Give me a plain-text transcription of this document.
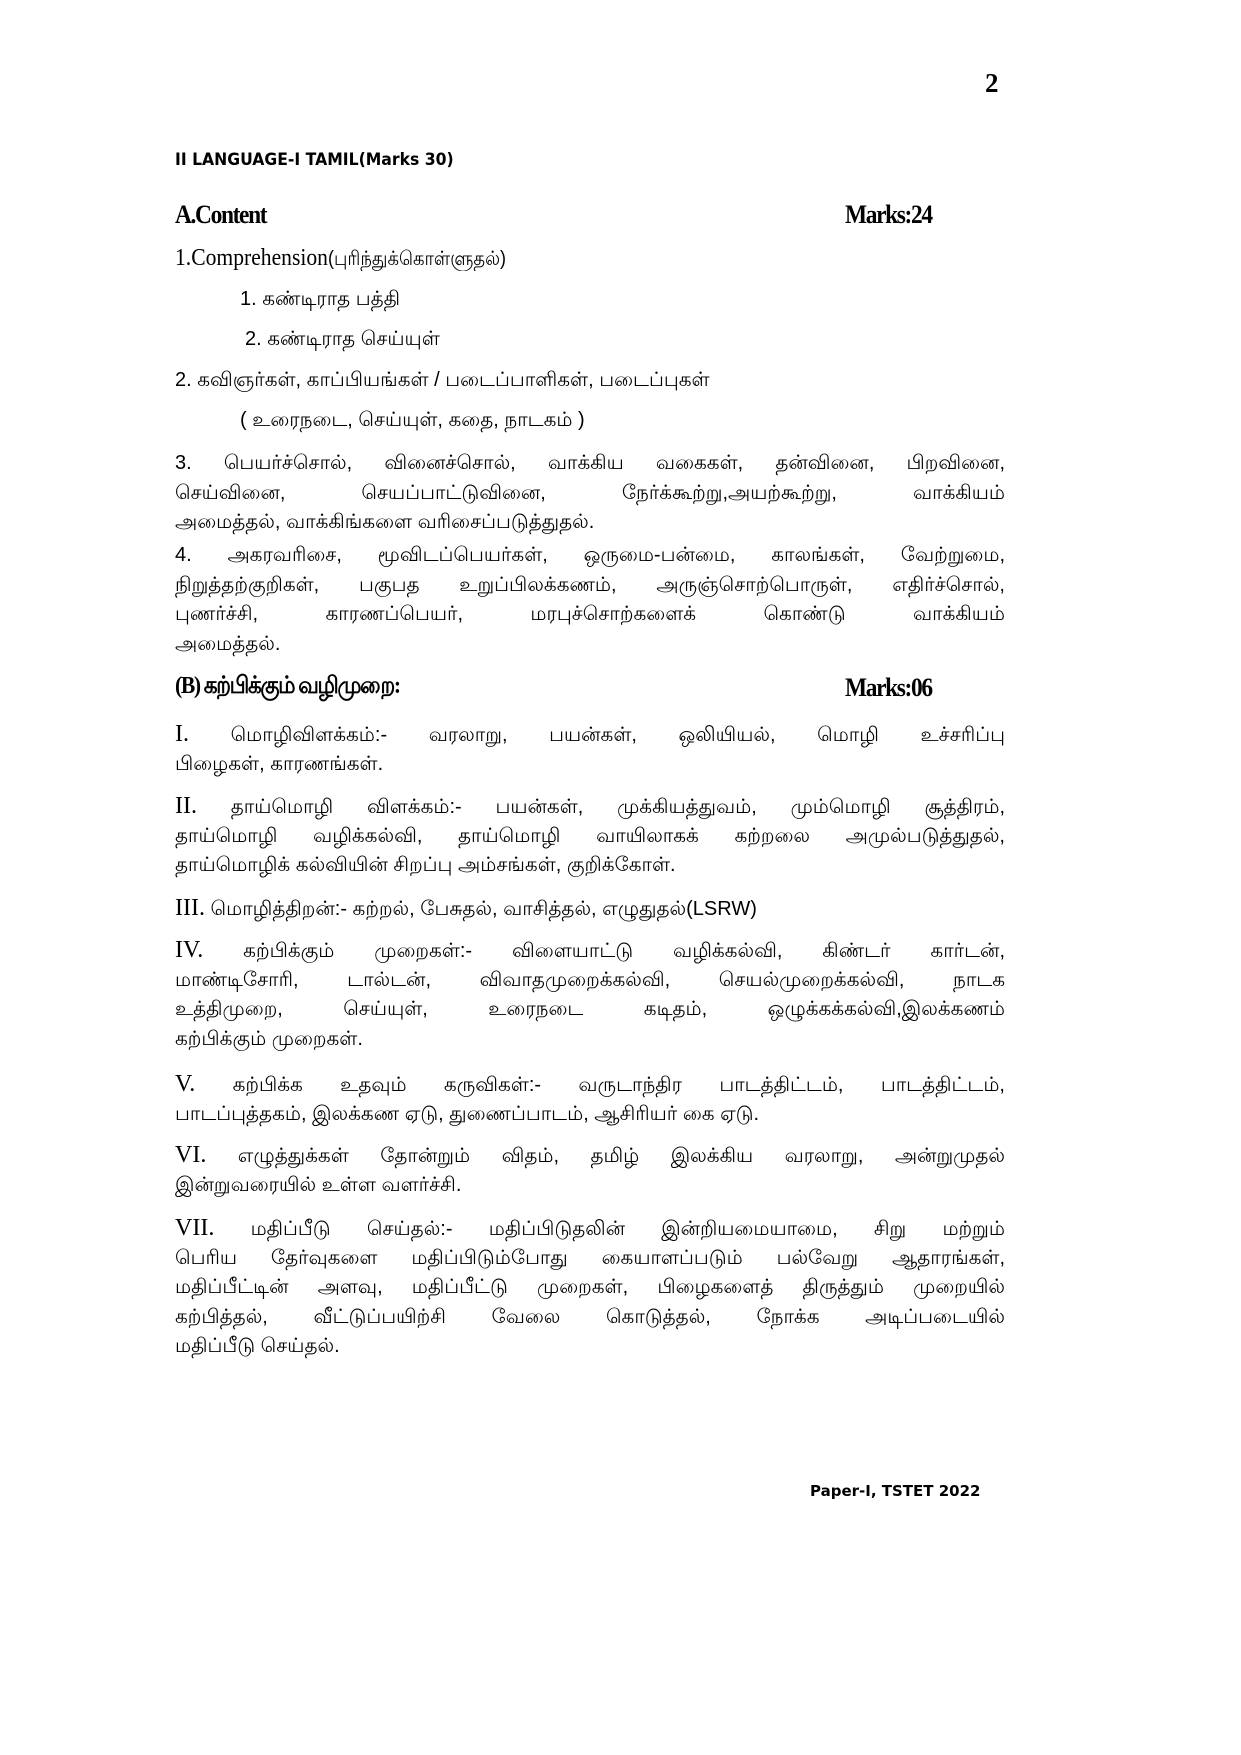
2
II LANGUAGE-I TAMIL(Marks 30)
A.Content	Marks:24
1.Comprehension(புரிந்துக்கொள்ளுதல்)
1. கண்டிராத பத்தி
2. கண்டிராத செய்யுள்
2. கவிஞர்கள், காப்பியங்கள் / படைப்பாளிகள், படைப்புகள்
( உரைநடை, செய்யுள், கதை, நாடகம் )
3. பெயர்ச்சொல், வினைச்சொல், வாக்கிய வகைகள், தன்வினை, பிறவினை,
செய்வினை, செயப்பாட்டுவினை, நேர்க்கூற்று,அயற்கூற்று, வாக்கியம்
அமைத்தல், வாக்கிங்களை வரிசைப்படுத்துதல்.
4. அகரவரிசை, மூவிடப்பெயர்கள், ஒருமை-பன்மை, காலங்கள், வேற்றுமை,
நிறுத்தற்குறிகள், பகுபத உறுப்பிலக்கணம், அருஞ்சொற்பொருள், எதிர்ச்சொல்,
புணர்ச்சி, காரணப்பெயர், மரபுச்சொற்களைக் கொண்டு வாக்கியம்
அமைத்தல்.
(B) கற்பிக்கும் வழிமுறை:	Marks:06
I. மொழிவிளக்கம்:- வரலாறு, பயன்கள், ஒலியியல், மொழி உச்சரிப்பு
பிழைகள், காரணங்கள்.
II. தாய்மொழி விளக்கம்:- பயன்கள், முக்கியத்துவம், மும்மொழி சூத்திரம்,
தாய்மொழி வழிக்கல்வி, தாய்மொழி வாயிலாகக் கற்றலை அமுல்படுத்துதல்,
தாய்மொழிக் கல்வியின் சிறப்பு அம்சங்கள், குறிக்கோள்.
III. மொழித்திறன்:- கற்றல், பேசுதல், வாசித்தல், எழுதுதல்(LSRW)
IV. கற்பிக்கும் முறைகள்:- விளையாட்டு வழிக்கல்வி, கிண்டர் கார்டன்,
மாண்டிசோரி, டால்டன், விவாதமுறைக்கல்வி, செயல்முறைக்கல்வி, நாடக
உத்திமுறை, செய்யுள், உரைநடை கடிதம், ஒழுக்கக்கல்வி,இலக்கணம்
கற்பிக்கும் முறைகள்.
V. கற்பிக்க உதவும் கருவிகள்:- வருடாந்திர பாடத்திட்டம், பாடத்திட்டம்,
பாடப்புத்தகம், இலக்கண ஏடு, துணைப்பாடம், ஆசிரியர் கை ஏடு.
VI. எழுத்துக்கள் தோன்றும் விதம், தமிழ் இலக்கிய வரலாறு, அன்றுமுதல்
இன்றுவரையில் உள்ள வளர்ச்சி.
VII. மதிப்பீடு செய்தல்:- மதிப்பிடுதலின் இன்றியமையாமை, சிறு மற்றும்
பெரிய தேர்வுகளை மதிப்பிடும்போது கையாளப்படும் பல்வேறு ஆதாரங்கள்,
மதிப்பீட்டின் அளவு, மதிப்பீட்டு முறைகள், பிழைகளைத் திருத்தும் முறையில்
கற்பித்தல், வீட்டுப்பயிற்சி வேலை கொடுத்தல், நோக்க அடிப்படையில்
மதிப்பீடு செய்தல்.
Paper-I, TSTET 2022
